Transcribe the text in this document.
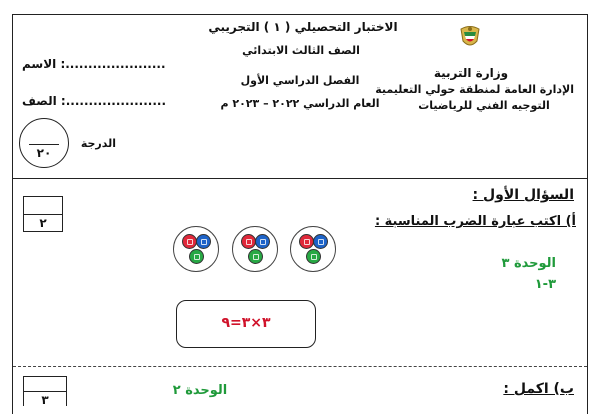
وزارة التربية
الإدارة العامة لمنطقة حولي التعليمية
التوجيه الفني للرياضيات
الاختبار التحصيلي ( ١ ) التجريبي
الصف الثالث الابتدائي
الفصل الدراسي الأول
العام الدراسي ٢٠٢٢ – ٢٠٢٣ م
الاسم :......................
الصف :......................
٢٠
الدرجة
٢
السؤال الأول :
أ) اكتب عبارة الضرب المناسبة :
الوحدة ٣
٣-١
٣×٣=٩
٣
الوحدة ٢	ب) اكمل :
